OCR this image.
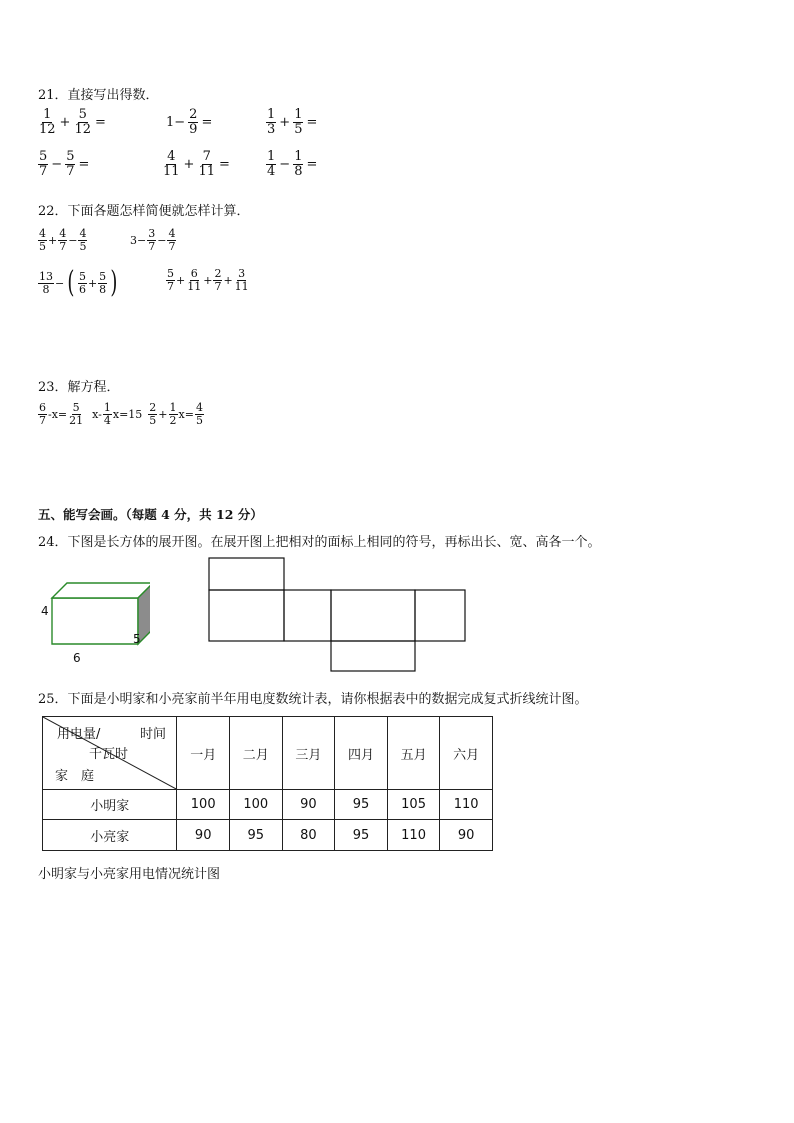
21．直接写出得数．
$\frac{1}{12} + \frac{5}{12}$ =	$1- \frac{2}{9}$ =	$\frac{1}{3} + \frac{1}{5}$ =
$\frac{5}{7} - \frac{5}{7}$ =	$\frac{4}{11} + \frac{7}{11}$ =	$\frac{1}{4} - \frac{1}{8}$ =
22．下面各题怎样简便就怎样计算．
$\frac{4}{5} + \frac{4}{7} - \frac{4}{5}$	$3- \frac{3}{7} - \frac{4}{7}$
$\frac{13}{8}$ − ( $\frac{5}{6} + \frac{5}{8}$ )	$\frac{5}{7} + \frac{6}{11} + \frac{2}{7} + \frac{3}{11}$
23．解方程．
$\frac{6}{7} -x= \frac{5}{21} x- \frac{1}{4} x=15 \frac{2}{5} + \frac{1}{2} x= \frac{4}{5}$
五、能写会画。（每题 4 分，共 12 分）
24．下图是长方体的展开图。在展开图上把相对的面标上相同的符号，再标出长、宽、高各一个。
4
5
6
25．下面是小明家和小亮家前半年用电度数统计表，请你根据表中的数据完成复式折线统计图。
用电量/ 时间
千瓦时
家　庭	一月	二月	三月	四月	五月	六月
小明家	100	100	90	95	105	110
小亮家	90	95	80	95	110	90
小明家与小亮家用电情况统计图
